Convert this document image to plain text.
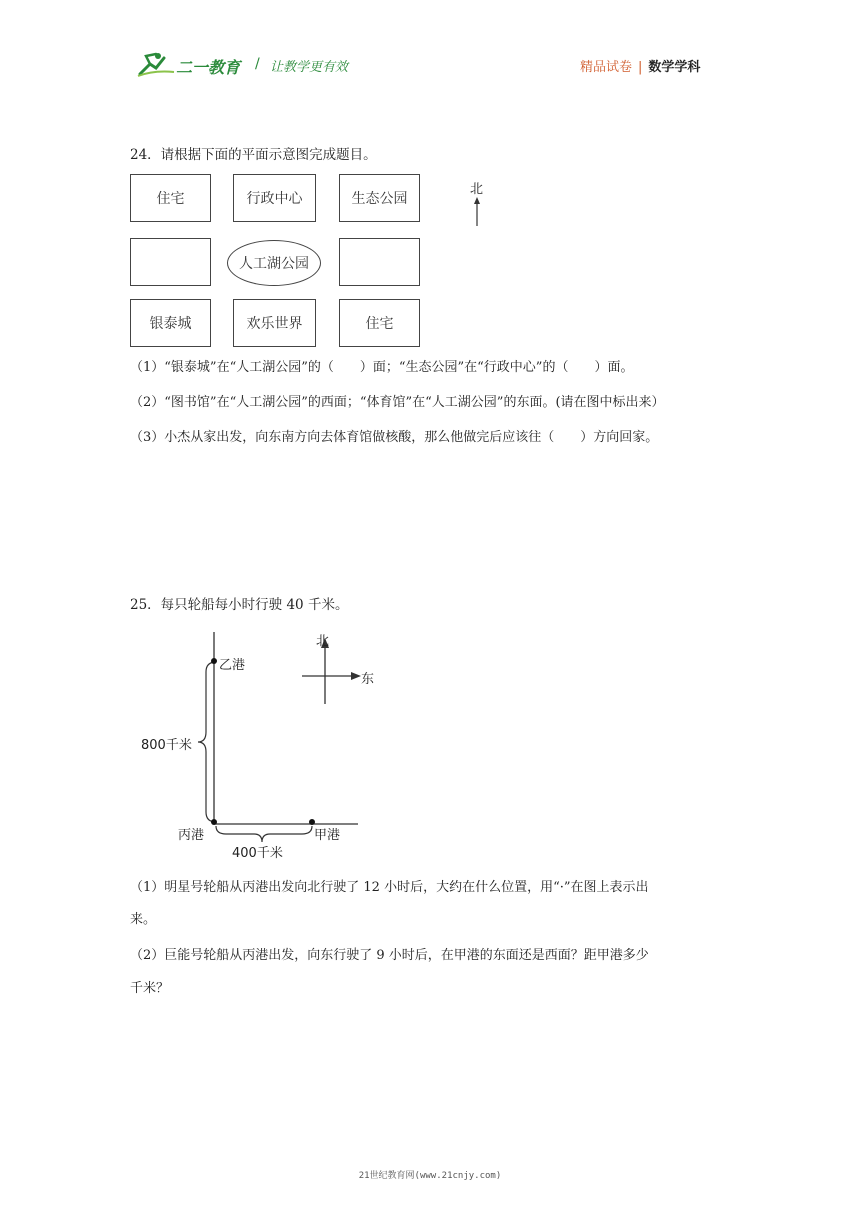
二一教育 / 让教学更有效	精品试卷 | 数学学科
24．请根据下面的平面示意图完成题目。
住宅	行政中心	生态公园
人工湖公园
银泰城	欢乐世界	住宅
北
（1）“银泰城”在“人工湖公园”的（　　）面；“生态公园”在“行政中心”的（　　）面。
（2）“图书馆”在“人工湖公园”的西面；“体育馆”在“人工湖公园”的东面。(请在图中标出来）
（3）小杰从家出发，向东南方向去体育馆做核酸，那么他做完后应该往（　　）方向回家。
25．每只轮船每小时行驶 40 千米。
乙港
丙港	甲港
800千米
400千米
北
东
（1）明星号轮船从丙港出发向北行驶了 12 小时后，大约在什么位置，用“·”在图上表示出
来。
（2）巨能号轮船从丙港出发，向东行驶了 9 小时后，在甲港的东面还是西面？距甲港多少
千米？
21世纪教育网(www.21cnjy.com)
